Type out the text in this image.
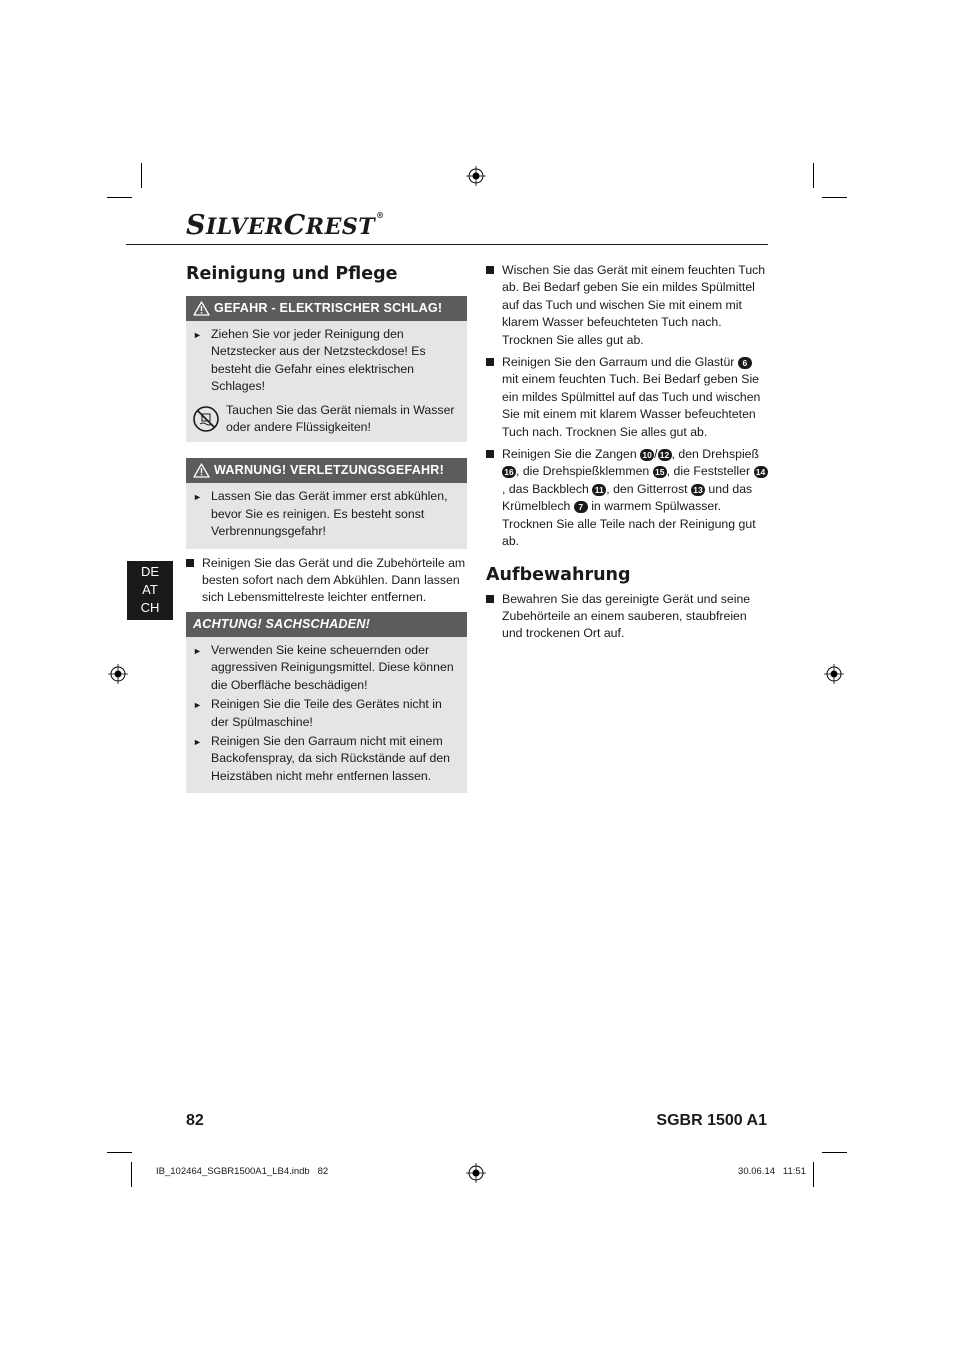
SILVERCREST®
DE
AT
CH
Reinigung und Pflege
GEFAHR - ELEKTRISCHER SCHLAG!
► Ziehen Sie vor jeder Reinigung den Netzstecker aus der Netzsteckdose! Es besteht die Gefahr eines elektrischen Schlages!
Tauchen Sie das Gerät niemals in Wasser oder andere Flüssigkeiten!
WARNUNG! VERLETZUNGSGEFAHR!
► Lassen Sie das Gerät immer erst abkühlen, bevor Sie es reinigen. Es besteht sonst Verbrennungsgefahr!
Reinigen Sie das Gerät und die Zubehörteile am besten sofort nach dem Abkühlen. Dann lassen sich Lebensmittelreste leichter entfernen.
ACHTUNG! SACHSCHADEN!
► Verwenden Sie keine scheuernden oder aggressiven Reinigungsmittel. Diese können die Oberfläche beschädigen!
► Reinigen Sie die Teile des Gerätes nicht in der Spülmaschine!
► Reinigen Sie den Garraum nicht mit einem Backofenspray, da sich Rückstände auf den Heizstäben nicht mehr entfernen lassen.
Wischen Sie das Gerät mit einem feuchten Tuch ab. Bei Bedarf geben Sie ein mildes Spülmittel auf das Tuch und wischen Sie mit einem mit klarem Wasser befeuchteten Tuch nach. Trocknen Sie alles gut ab.
Reinigen Sie den Garraum und die Glastür 6 mit einem feuchten Tuch. Bei Bedarf geben Sie ein mildes Spülmittel auf das Tuch und wischen Sie mit einem mit klarem Wasser befeuchteten Tuch nach. Trocknen Sie alles gut ab.
Reinigen Sie die Zangen 10 / 12 , den Drehspieß 16 , die Drehspießklemmen 15 , die Feststeller 14, das Backblech 11 , den Gitterrost 13 und das Krümelblech 7 in warmem Spülwasser. Trocknen Sie alle Teile nach der Reinigung gut ab.
Aufbewahrung
Bewahren Sie das gereinigte Gerät und seine Zubehörteile an einem sauberen, staubfreien und trockenen Ort auf.
82	SGBR 1500 A1
IB_102464_SGBR1500A1_LB4.indb   82	30.06.14   11:51
